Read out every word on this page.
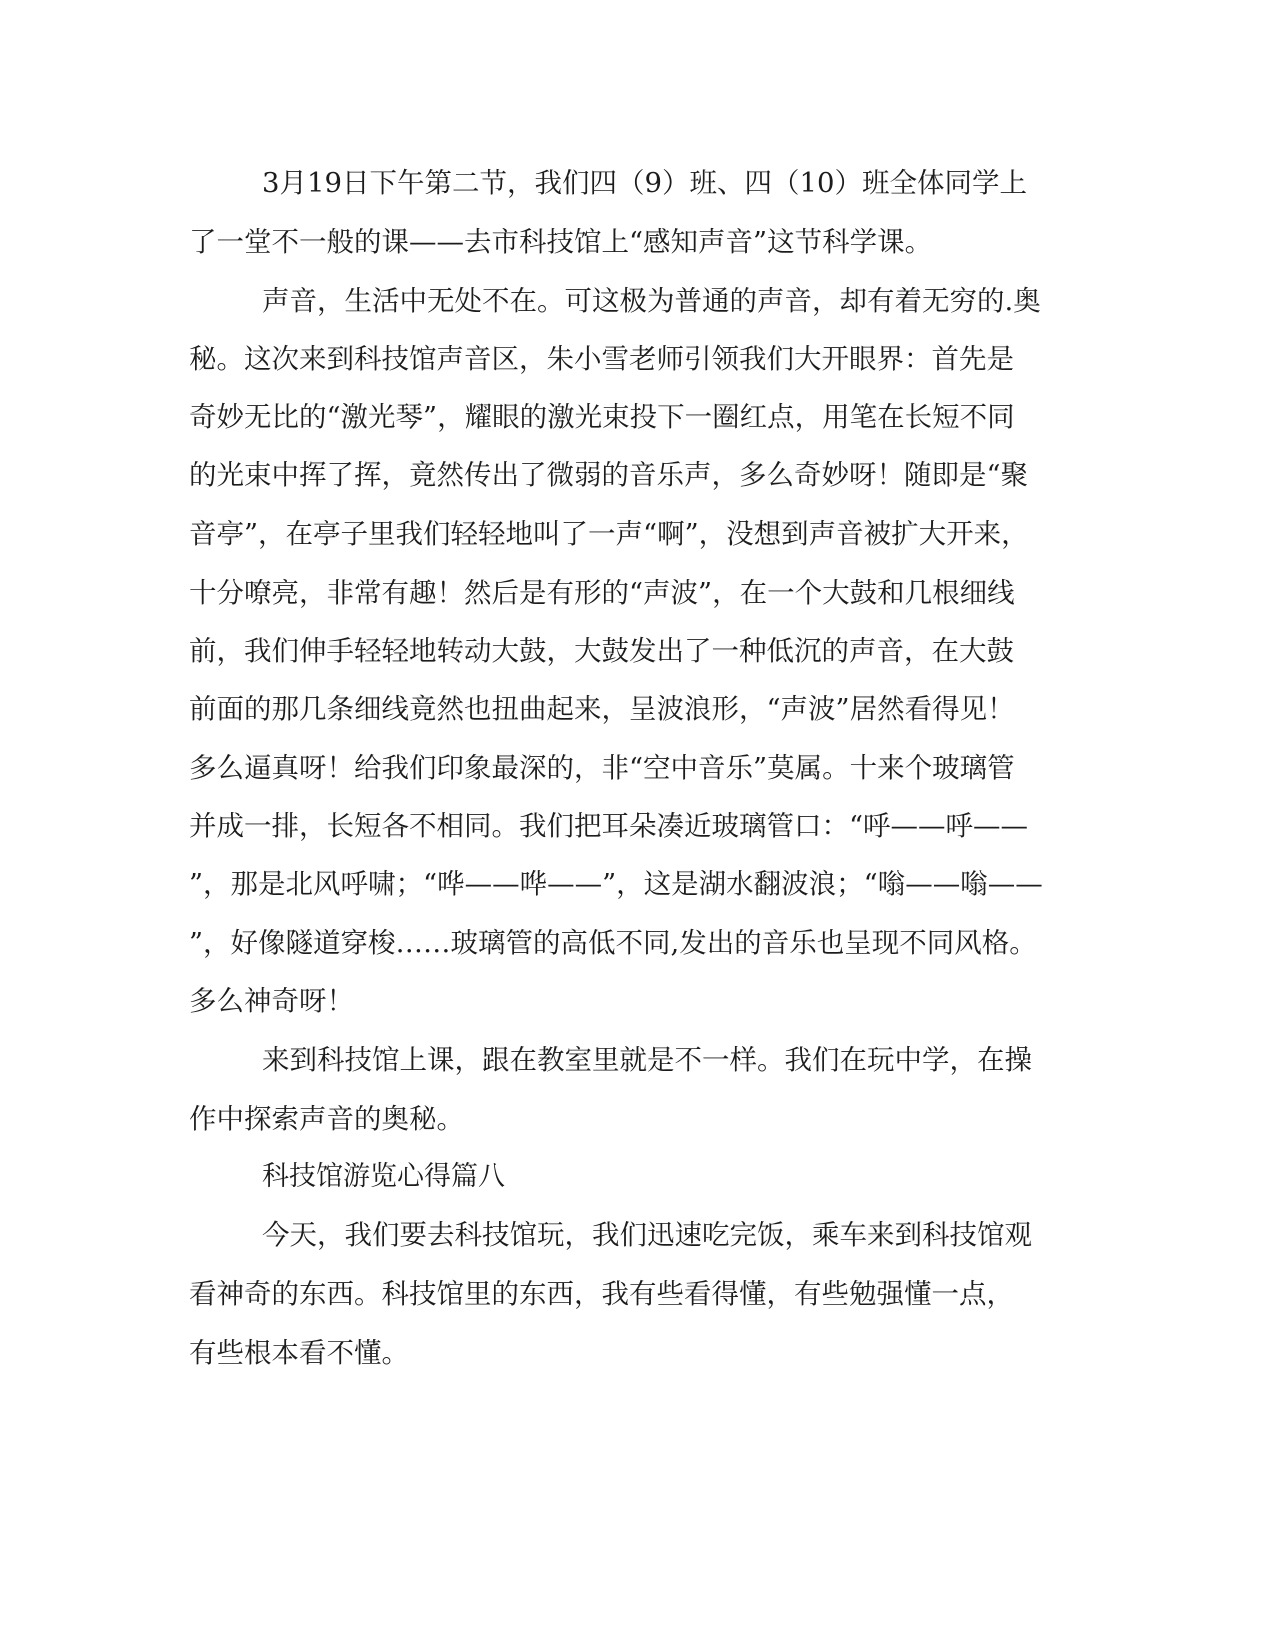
3月19日下午第二节，我们四（9）班、四（10）班全体同学上
了一堂不一般的课——去市科技馆上“感知声音”这节科学课。
声音，生活中无处不在。可这极为普通的声音，却有着无穷的.奥
秘。这次来到科技馆声音区，朱小雪老师引领我们大开眼界：首先是
奇妙无比的“激光琴”，耀眼的激光束投下一圈红点，用笔在长短不同
的光束中挥了挥，竟然传出了微弱的音乐声，多么奇妙呀！随即是“聚
音亭”，在亭子里我们轻轻地叫了一声“啊”，没想到声音被扩大开来，
十分嘹亮，非常有趣！然后是有形的“声波”，在一个大鼓和几根细线
前，我们伸手轻轻地转动大鼓，大鼓发出了一种低沉的声音，在大鼓
前面的那几条细线竟然也扭曲起来，呈波浪形，“声波”居然看得见！
多么逼真呀！给我们印象最深的，非“空中音乐”莫属。十来个玻璃管
并成一排，长短各不相同。我们把耳朵凑近玻璃管口：“呼——呼——
”，那是北风呼啸；“哗——哗——”，这是湖水翻波浪；“嗡——嗡——
”，好像隧道穿梭……玻璃管的高低不同,发出的音乐也呈现不同风格。
多么神奇呀！
来到科技馆上课，跟在教室里就是不一样。我们在玩中学，在操
作中探索声音的奥秘。
科技馆游览心得篇八
今天，我们要去科技馆玩，我们迅速吃完饭，乘车来到科技馆观
看神奇的东西。科技馆里的东西，我有些看得懂，有些勉强懂一点，
有些根本看不懂。
